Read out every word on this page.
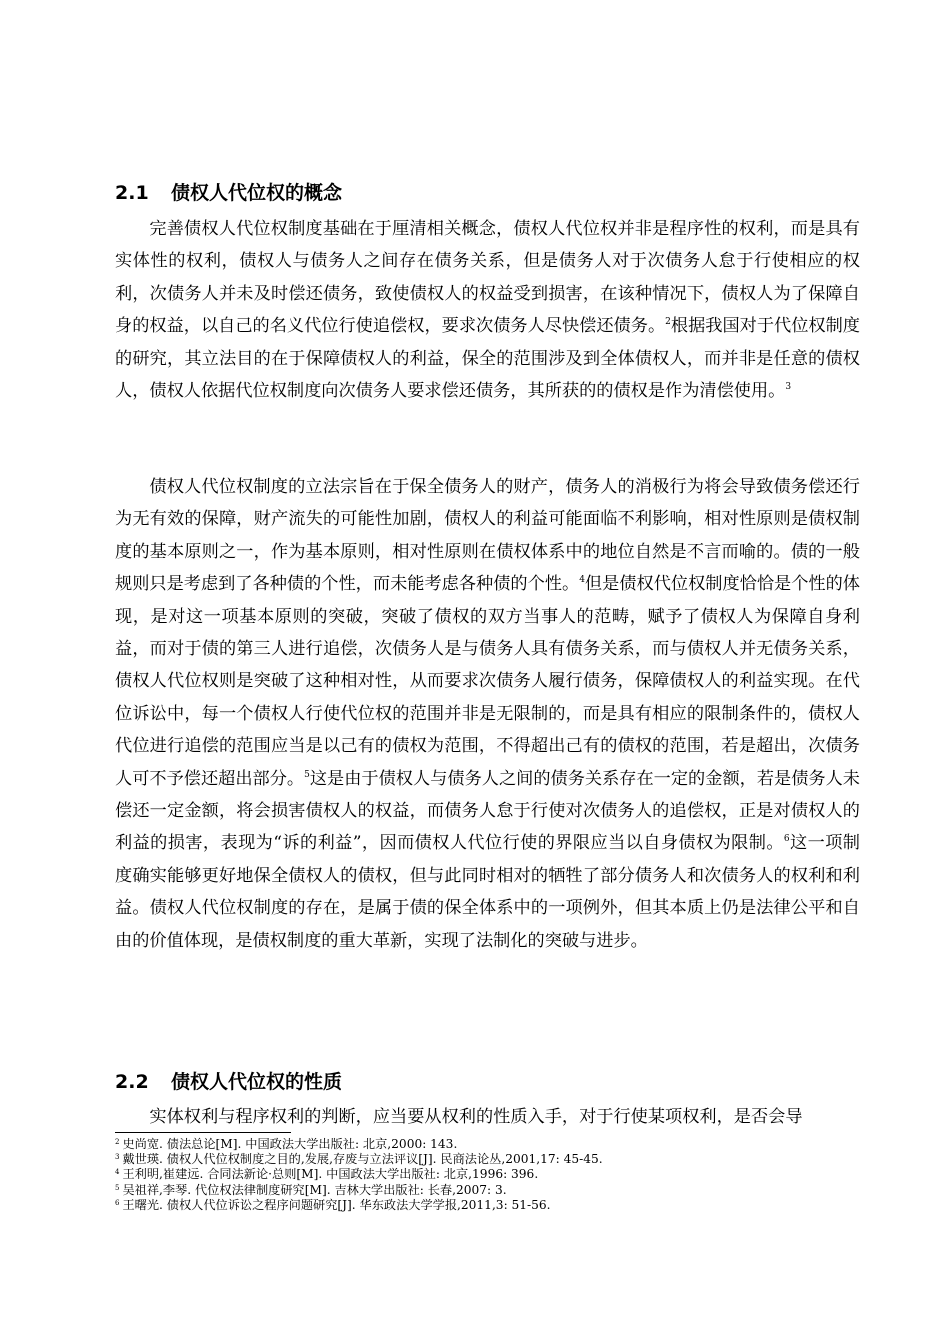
2.1 债权人代位权的概念

完善债权人代位权制度基础在于厘清相关概念，债权人代位权并非是程序性的权利，而是具有实体性的权利，债权人与债务人之间存在债务关系，但是债务人对于次债务人怠于行使相应的权利，次债务人并未及时偿还债务，致使债权人的权益受到损害，在该种情况下，债权人为了保障自身的权益，以自己的名义代位行使追偿权，要求次债务人尽快偿还债务。$^2$根据我国对于代位权制度的研究，其立法目的在于保障债权人的利益，保全的范围涉及到全体债权人，而并非是任意的债权人，债权人依据代位权制度向次债务人要求偿还债务，其所获的的债权是作为清偿使用。$^3$

债权人代位权制度的立法宗旨在于保全债务人的财产，债务人的消极行为将会导致债务偿还行为无有效的保障，财产流失的可能性加剧，债权人的利益可能面临不利影响，相对性原则是债权制度的基本原则之一，作为基本原则，相对性原则在债权体系中的地位自然是不言而喻的。债的一般规则只是考虑到了各种债的个性，而未能考虑各种债的个性。$^4$但是债权代位权制度恰恰是个性的体现，是对这一项基本原则的突破，突破了债权的双方当事人的范畴，赋予了债权人为保障自身利益，而对于债的第三人进行追偿，次债务人是与债务人具有债务关系，而与债权人并无债务关系，债权人代位权则是突破了这种相对性，从而要求次债务人履行债务，保障债权人的利益实现。在代位诉讼中，每一个债权人行使代位权的范围并非是无限制的，而是具有相应的限制条件的，债权人代位进行追偿的范围应当是以己有的债权为范围，不得超出己有的债权的范围，若是超出，次债务人可不予偿还超出部分。$^5$这是由于债权人与债务人之间的债务关系存在一定的金额，若是债务人未偿还一定金额，将会损害债权人的权益，而债务人怠于行使对次债务人的追偿权，正是对债权人的利益的损害，表现为“诉的利益”，因而债权人代位行使的界限应当以自身债权为限制。$^6$这一项制度确实能够更好地保全债权人的债权，但与此同时相对的牺牲了部分债务人和次债务人的权利和利益。债权人代位权制度的存在，是属于债的保全体系中的一项例外，但其本质上仍是法律公平和自由的价值体现，是债权制度的重大革新，实现了法制化的突破与进步。

2.2 债权人代位权的性质

实体权利与程序权利的判断，应当要从权利的性质入手，对于行使某项权利，是否会导

$^2$ 史尚宽. 债法总论[M]. 中国政法大学出版社: 北京,2000: 143.
$^3$ 戴世瑛. 债权人代位权制度之目的,发展,存废与立法评议[J]. 民商法论丛,2001,17: 45-45.
$^4$ 王利明,崔建远. 合同法新论·总则[M]. 中国政法大学出版社: 北京,1996: 396.
$^5$ 吴祖祥,李琴. 代位权法律制度研究[M]. 吉林大学出版社: 长春,2007: 3.
$^6$ 王曙光. 债权人代位诉讼之程序问题研究[J]. 华东政法大学学报,2011,3: 51-56.
